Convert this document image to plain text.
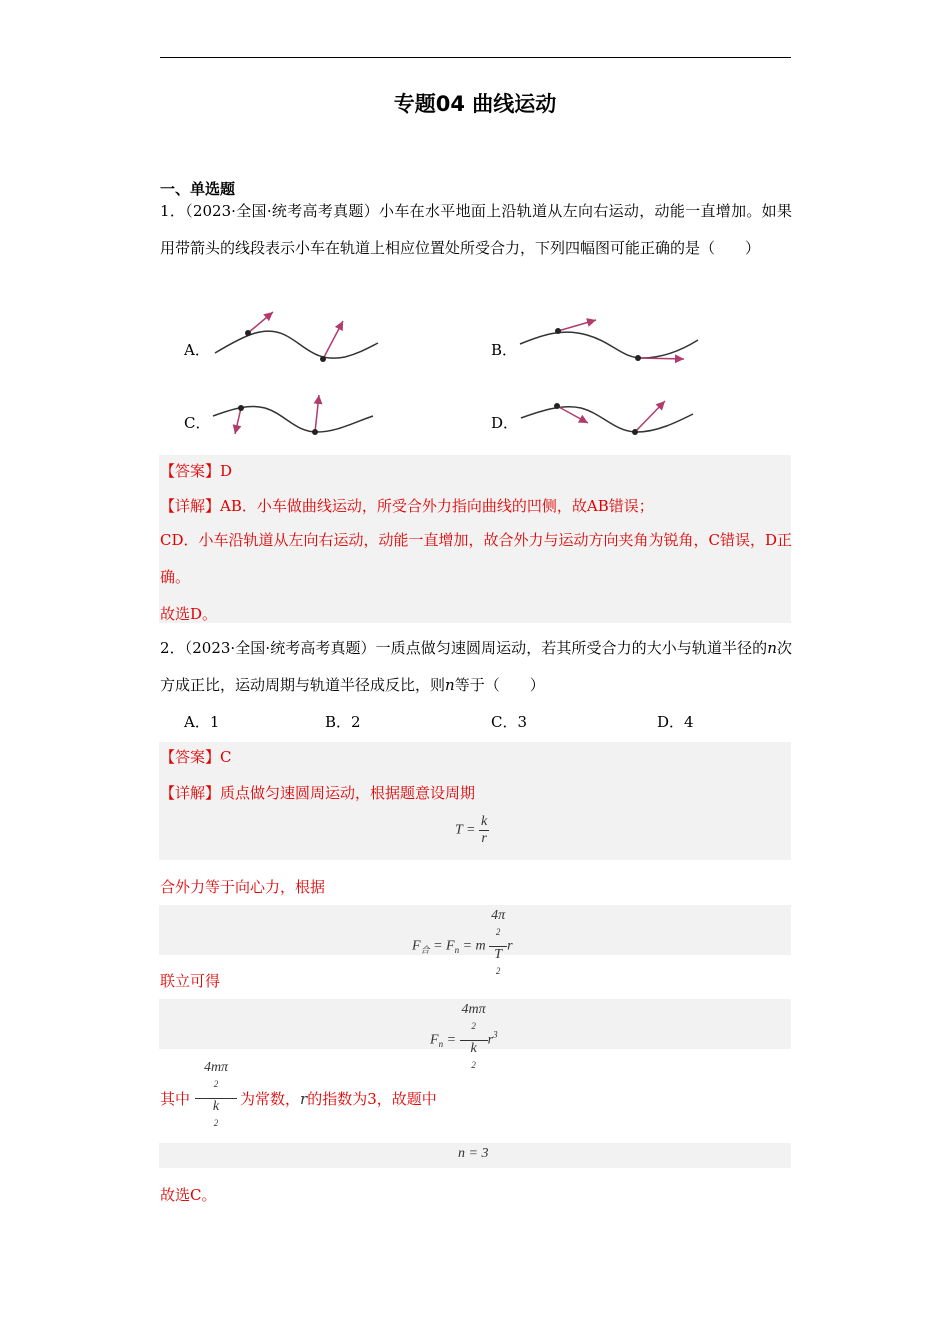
专题04 曲线运动
一、单选题
1．（2023·全国·统考高考真题）小车在水平地面上沿轨道从左向右运动，动能一直增加。如果用带箭头的线段表示小车在轨道上相应位置处所受合力，下列四幅图可能正确的是（　　）
A．	B．
C．	D．
【答案】D
【详解】AB．小车做曲线运动，所受合外力指向曲线的凹侧，故AB错误；
CD．小车沿轨道从左向右运动，动能一直增加，故合外力与运动方向夹角为锐角，C错误，D正确。
故选D。
2．（2023·全国·统考高考真题）一质点做匀速圆周运动，若其所受合力的大小与轨道半径的n次方成正比，运动周期与轨道半径成反比，则n等于（　　）
A．1	B．2	C．3	D．4
【答案】C
【详解】质点做匀速圆周运动，根据题意设周期
$T = \frac{k}{r}$
合外力等于向心力，根据
$F_合 = F_n = m$ 4π
$^2$
T
$^2$ r
联立可得
$F_n = 4m\pi$
$^2$
k
$^2$ $r^3$
其中 4mπ
$^2$
k
$^2$ 为常数，r的指数为3，故题中
n = 3
故选C。
